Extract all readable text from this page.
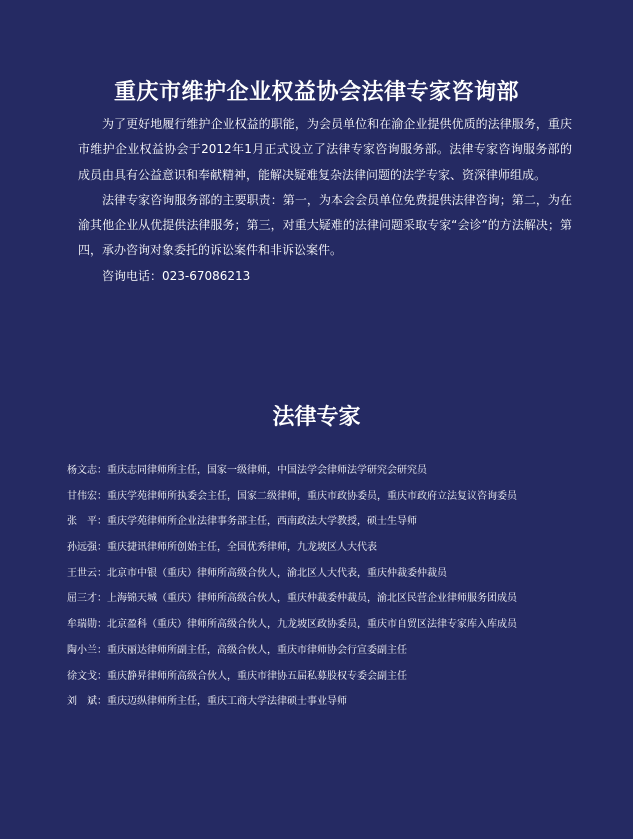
重庆市维护企业权益协会法律专家咨询部

为了更好地履行维护企业权益的职能，为会员单位和在渝企业提供优质的法律服务，重庆市维护企业权益协会于2012年1月正式设立了法律专家咨询服务部。法律专家咨询服务部的成员由具有公益意识和奉献精神，能解决疑难复杂法律问题的法学专家、资深律师组成。

法律专家咨询服务部的主要职责：第一，为本会会员单位免费提供法律咨询；第二，为在渝其他企业从优提供法律服务；第三，对重大疑难的法律问题采取专家“会诊”的方法解决；第四，承办咨询对象委托的诉讼案件和非诉讼案件。

咨询电话：023-67086213

法律专家
杨文志：重庆志同律师所主任，国家一级律师，中国法学会律师法学研究会研究员
甘伟宏：重庆学苑律师所执委会主任，国家二级律师，重庆市政协委员，重庆市政府立法复议咨询委员
张　平：重庆学苑律师所企业法律事务部主任，西南政法大学教授，硕士生导师
孙远强：重庆捷讯律师所创始主任，全国优秀律师，九龙坡区人大代表
王世云：北京市中银（重庆）律师所高级合伙人，渝北区人大代表，重庆仲裁委仲裁员
屈三才：上海锦天城（重庆）律师所高级合伙人，重庆仲裁委仲裁员，渝北区民营企业律师服务团成员
牟瑞勋：北京盈科（重庆）律师所高级合伙人，九龙坡区政协委员，重庆市自贸区法律专家库入库成员
陶小兰：重庆丽达律师所副主任，高级合伙人，重庆市律师协会行宣委副主任
徐文戈：重庆静昇律师所高级合伙人，重庆市律协五届私募股权专委会副主任
刘　斌：重庆迈纵律师所主任，重庆工商大学法律硕士事业导师
